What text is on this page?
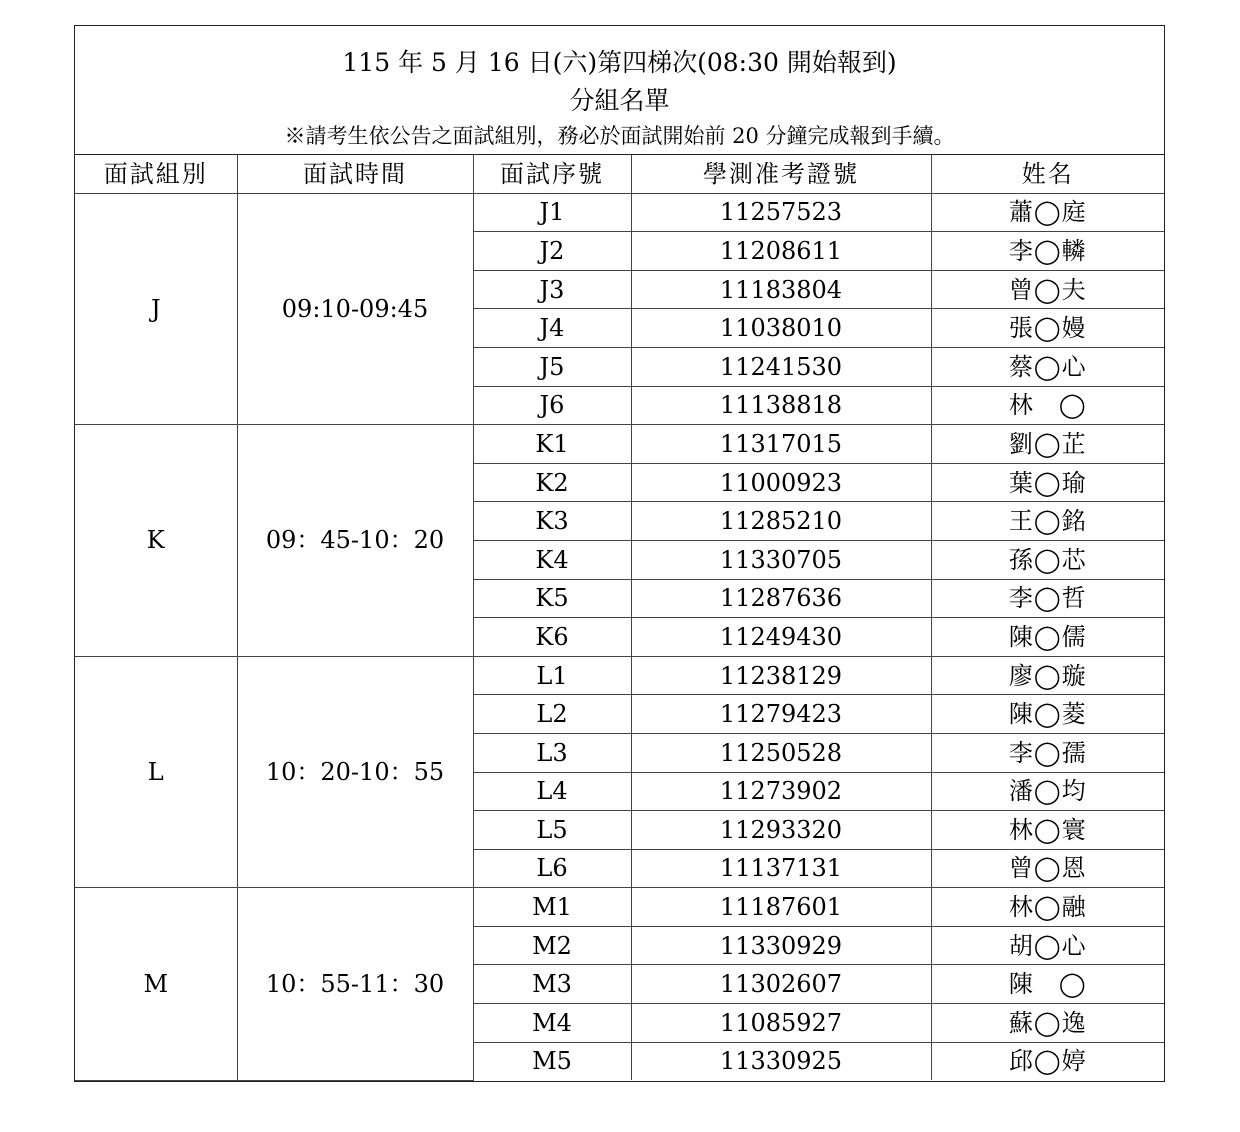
115 年 5 月 16 日(六)第四梯次(08:30 開始報到)
分組名單
※請考生依公告之面試組別，務必於面試開始前 20 分鐘完成報到手續。
面試組別	面試時間	面試序號	學測准考證號	姓名
J	09:10-09:45	J1	11257523	蕭◯庭
		J2	11208611	李◯轔
		J3	11183804	曾◯夫
		J4	11038010	張◯嫚
		J5	11241530	蔡◯心
		J6	11138818	林　◯
K	09：45-10：20	K1	11317015	劉◯芷
		K2	11000923	葉◯瑜
		K3	11285210	王◯銘
		K4	11330705	孫◯芯
		K5	11287636	李◯哲
		K6	11249430	陳◯儒
L	10：20-10：55	L1	11238129	廖◯璇
		L2	11279423	陳◯菱
		L3	11250528	李◯孺
		L4	11273902	潘◯均
		L5	11293320	林◯寰
		L6	11137131	曾◯恩
M	10：55-11：30	M1	11187601	林◯融
		M2	11330929	胡◯心
		M3	11302607	陳　◯
		M4	11085927	蘇◯逸
		M5	11330925	邱◯婷
